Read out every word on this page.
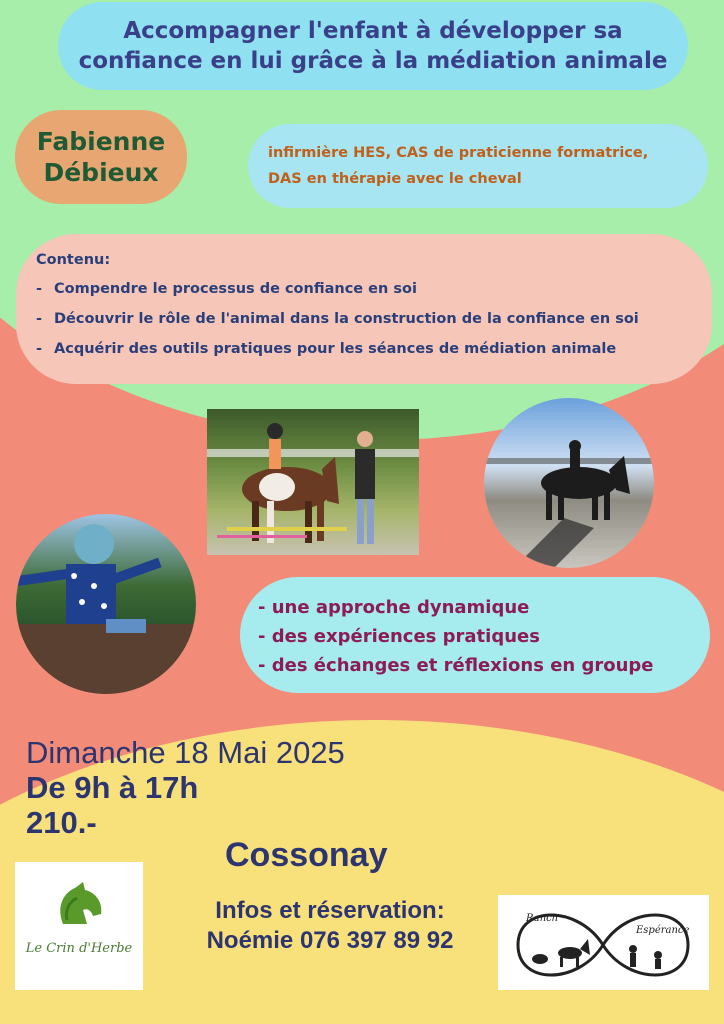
Accompagner l'enfant à développer sa
confiance en lui grâce à la médiation animale
Fabienne
Débieux
infirmière HES, CAS de praticienne formatrice,
DAS en thérapie avec le cheval
Contenu:
- Compendre le processus de confiance en soi
- Découvrir le rôle de l'animal dans la construction de la confiance en soi
- Acquérir des outils pratiques pour les séances de médiation animale
- une approche dynamique
- des expériences pratiques
- des échanges et réflexions en groupe
Dimanche 18 Mai 2025
De 9h à 17h
210.-
Cossonay
Le Crin d'Herbe
Infos et réservation:
Noémie 076 397 89 92
Ranch
Espérance
